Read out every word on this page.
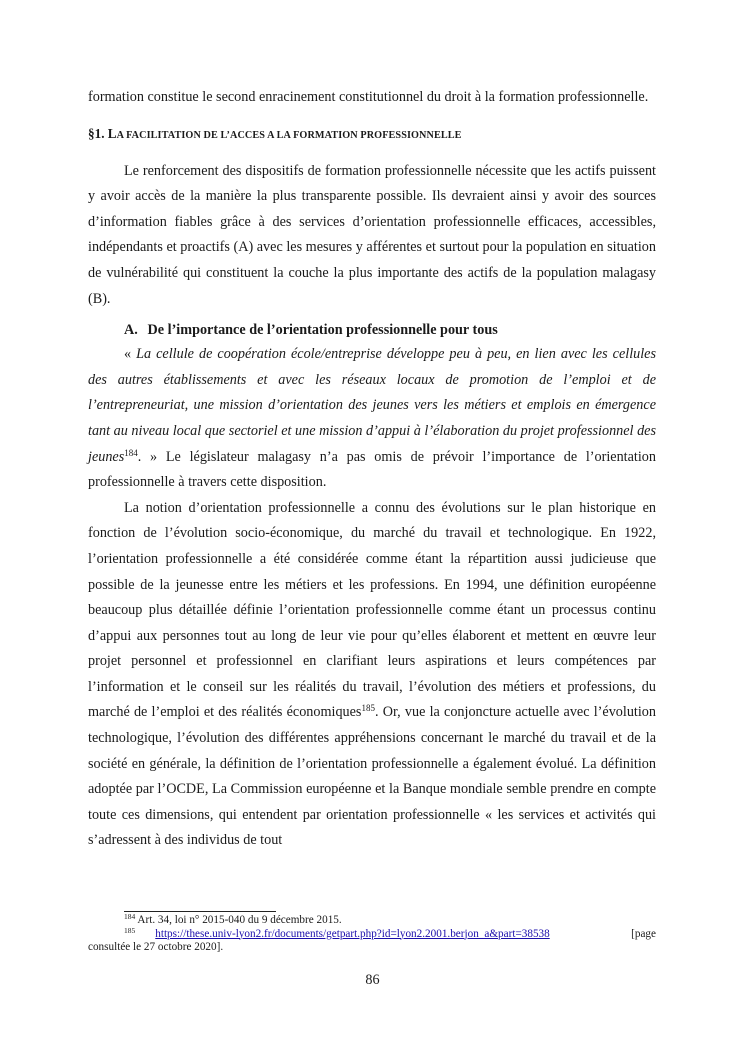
formation constitue le second enracinement constitutionnel du droit à la formation professionnelle.

§1. LA FACILITATION DE L’ACCES A LA FORMATION PROFESSIONNELLE

Le renforcement des dispositifs de formation professionnelle nécessite que les actifs puissent y avoir accès de la manière la plus transparente possible. Ils devraient ainsi y avoir des sources d’information fiables grâce à des services d’orientation professionnelle efficaces, accessibles, indépendants et proactifs (A) avec les mesures y afférentes et surtout pour la population en situation de vulnérabilité qui constituent la couche la plus importante des actifs de la population malagasy (B).

A. De l’importance de l’orientation professionnelle pour tous

« La cellule de coopération école/entreprise développe peu à peu, en lien avec les cellules des autres établissements et avec les réseaux locaux de promotion de l’emploi et de l’entrepreneuriat, une mission d’orientation des jeunes vers les métiers et emplois en émergence tant au niveau local que sectoriel et une mission d’appui à l’élaboration du projet professionnel des jeunes$^{184}$. » Le législateur malagasy n’a pas omis de prévoir l’importance de l’orientation professionnelle à travers cette disposition.

La notion d’orientation professionnelle a connu des évolutions sur le plan historique en fonction de l’évolution socio-économique, du marché du travail et technologique. En 1922, l’orientation professionnelle a été considérée comme étant la répartition aussi judicieuse que possible de la jeunesse entre les métiers et les professions. En 1994, une définition européenne beaucoup plus détaillée définie l’orientation professionnelle comme étant un processus continu d’appui aux personnes tout au long de leur vie pour qu’elles élaborent et mettent en œuvre leur projet personnel et professionnel en clarifiant leurs aspirations et leurs compétences par l’information et le conseil sur les réalités du travail, l’évolution des métiers et professions, du marché de l’emploi et des réalités économiques$^{185}$. Or, vue la conjoncture actuelle avec l’évolution technologique, l’évolution des différentes appréhensions concernant le marché du travail et de la société en générale, la définition de l’orientation professionnelle a également évolué. La définition adoptée par l’OCDE, La Commission européenne et la Banque mondiale semble prendre en compte toute ces dimensions, qui entendent par orientation professionnelle « les services et activités qui s’adressent à des individus de tout

$^{184}$ Art. 34, loi n° 2015-040 du 9 décembre 2015.
$^{185}$ https://these.univ-lyon2.fr/documents/getpart.php?id=lyon2.2001.berjon_a&part=38538	[page
consultée le 27 octobre 2020].
86
